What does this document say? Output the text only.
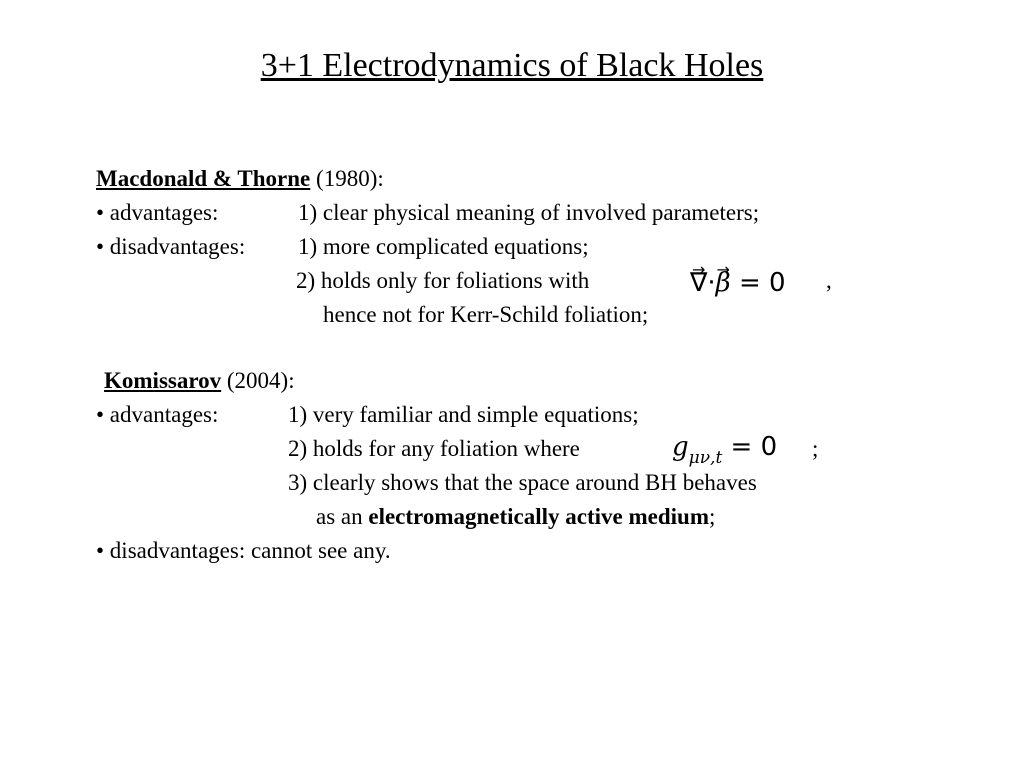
3+1 Electrodynamics of Black Holes
Macdonald & Thorne (1980):
• advantages:	1) clear physical meaning of involved parameters;
• disadvantages: 1) more complicated equations;
2) holds only for foliations with
→	∇·→ β = 0 ,
hence not for Kerr-Schild foliation;
Komissarov (2004):
• advantages:	1) very familiar and simple equations;
2) holds for any foliation where	$g_{\mu\nu,t} = 0$ ;
3) clearly shows that the space around BH behaves
as an electromagnetically active medium;
• disadvantages: cannot see any.
